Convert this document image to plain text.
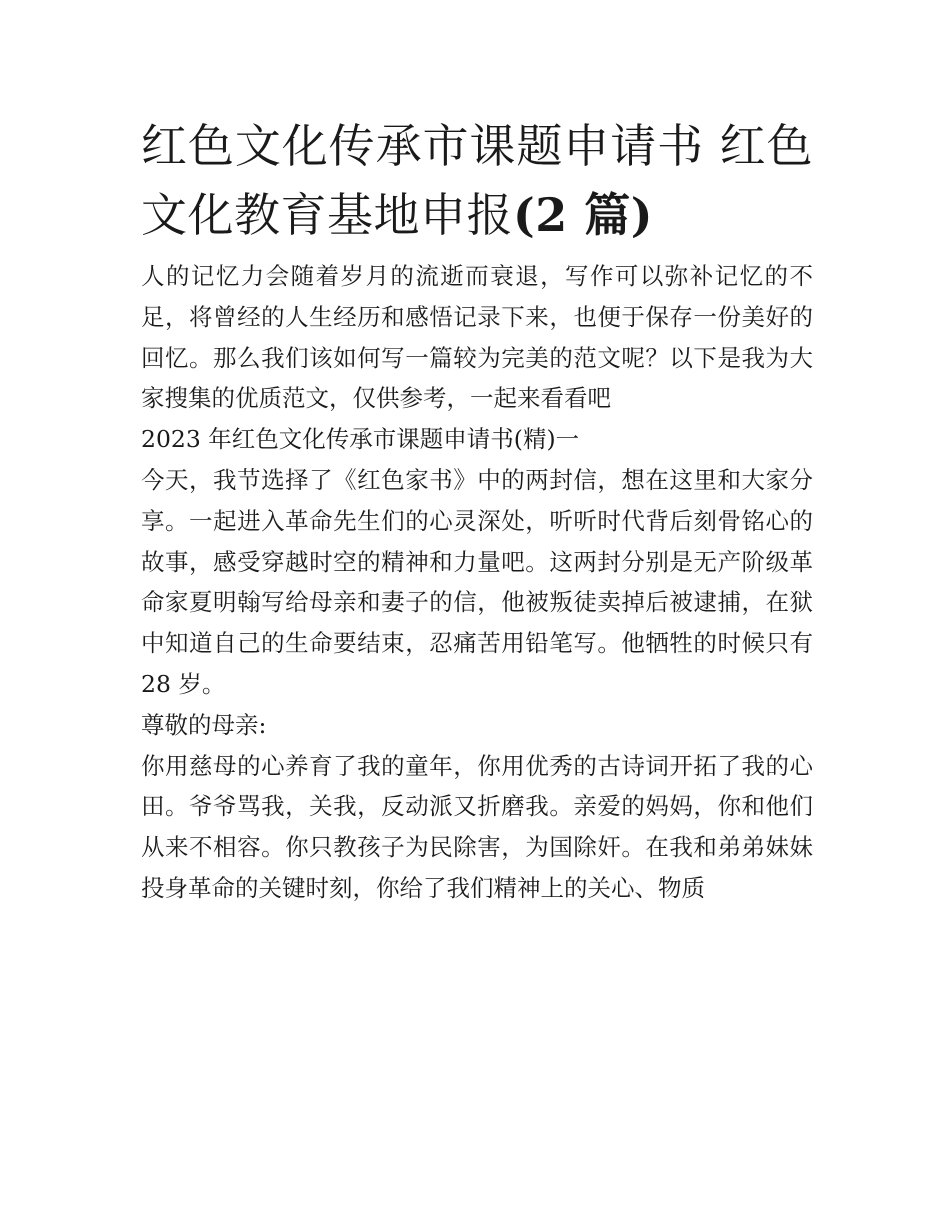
红色文化传承市课题申请书 红色文化教育基地申报(2 篇)

人的记忆力会随着岁月的流逝而衰退，写作可以弥补记忆的不足，将曾经的人生经历和感悟记录下来，也便于保存一份美好的回忆。那么我们该如何写一篇较为完美的范文呢？以下是我为大家搜集的优质范文，仅供参考，一起来看看吧

2023 年红色文化传承市课题申请书(精)一

今天，我节选择了《红色家书》中的两封信，想在这里和大家分享。一起进入革命先生们的心灵深处，听听时代背后刻骨铭心的故事，感受穿越时空的精神和力量吧。这两封分别是无产阶级革命家夏明翰写给母亲和妻子的信，他被叛徒卖掉后被逮捕，在狱中知道自己的生命要结束，忍痛苦用铅笔写。他牺牲的时候只有 28 岁。

尊敬的母亲:

你用慈母的心养育了我的童年，你用优秀的古诗词开拓了我的心田。爷爷骂我，关我，反动派又折磨我。亲爱的妈妈，你和他们从来不相容。你只教孩子为民除害，为国除奸。在我和弟弟妹妹投身革命的关键时刻，你给了我们精神上的关心、物质
